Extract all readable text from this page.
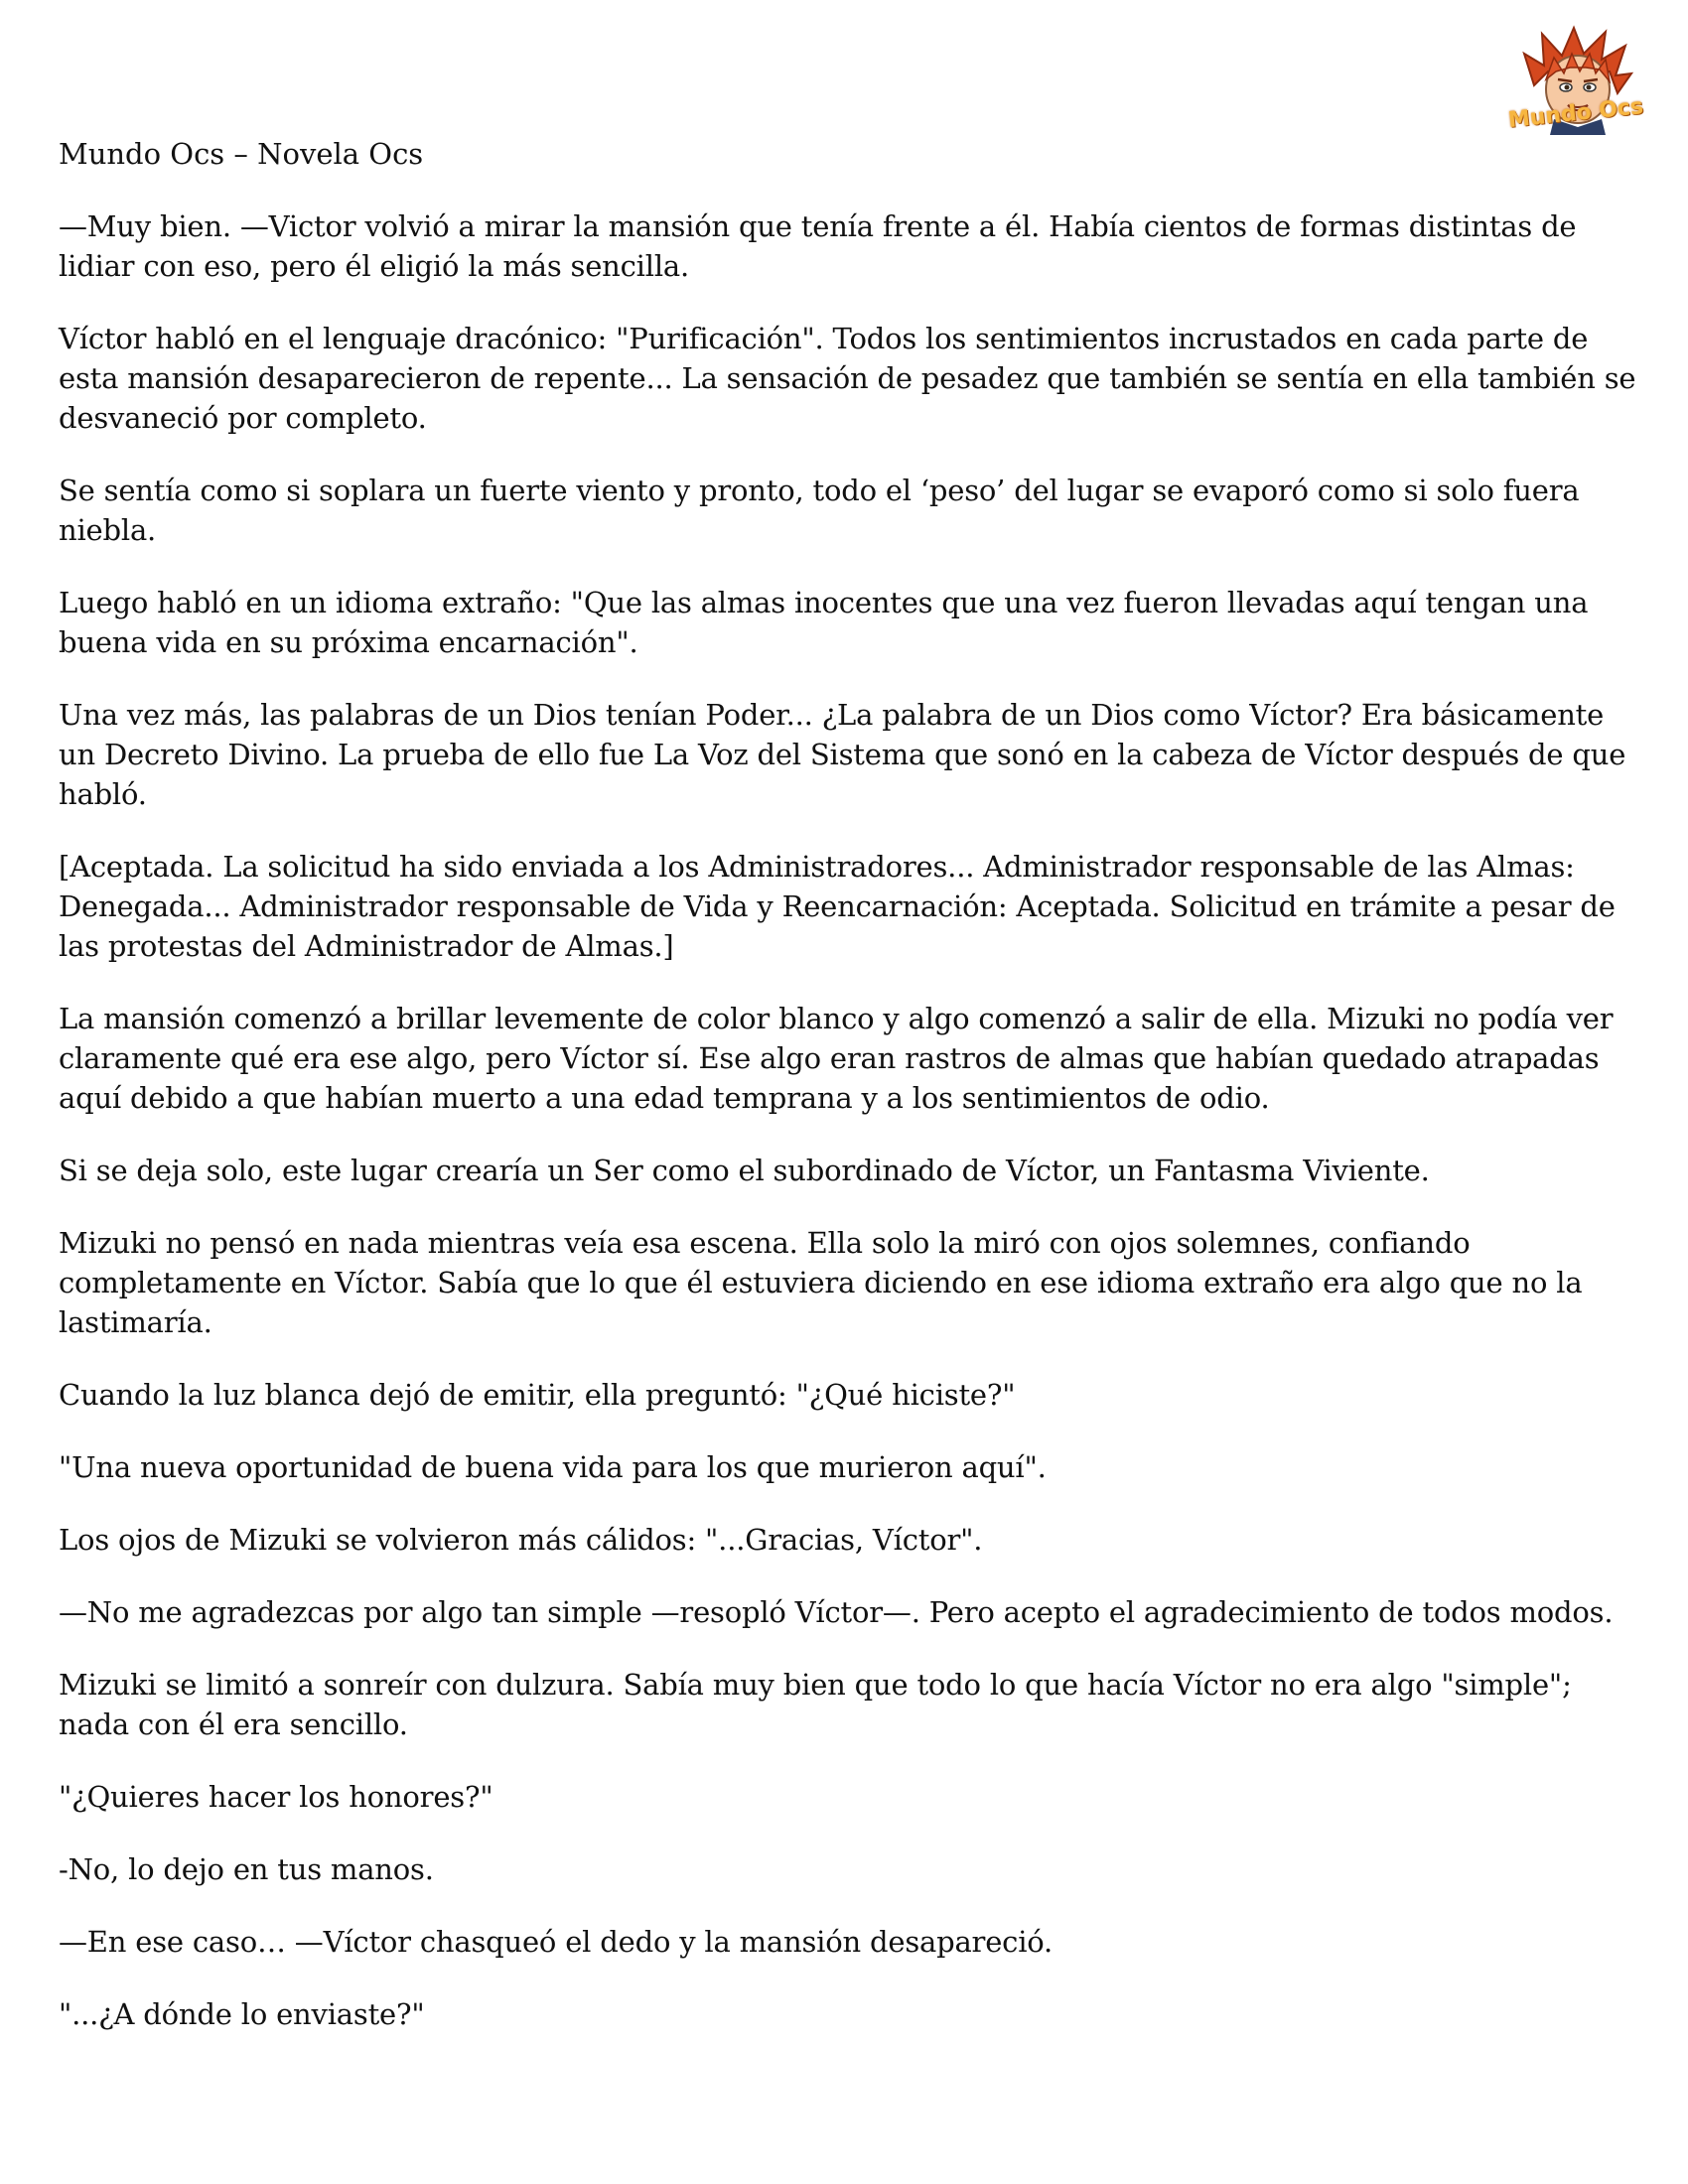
Mundo Ocs
Mundo Ocs – Novela Ocs

—Muy bien. —Victor volvió a mirar la mansión que tenía frente a él. Había cientos de formas distintas de lidiar con eso, pero él eligió la más sencilla.

Víctor habló en el lenguaje dracónico: "Purificación". Todos los sentimientos incrustados en cada parte de esta mansión desaparecieron de repente... La sensación de pesadez que también se sentía en ella también se desvaneció por completo.

Se sentía como si soplara un fuerte viento y pronto, todo el ‘peso’ del lugar se evaporó como si solo fuera niebla.

Luego habló en un idioma extraño: "Que las almas inocentes que una vez fueron llevadas aquí tengan una buena vida en su próxima encarnación".

Una vez más, las palabras de un Dios tenían Poder... ¿La palabra de un Dios como Víctor? Era básicamente un Decreto Divino. La prueba de ello fue La Voz del Sistema que sonó en la cabeza de Víctor después de que habló.

[Aceptada. La solicitud ha sido enviada a los Administradores... Administrador responsable de las Almas: Denegada... Administrador responsable de Vida y Reencarnación: Aceptada. Solicitud en trámite a pesar de las protestas del Administrador de Almas.]

La mansión comenzó a brillar levemente de color blanco y algo comenzó a salir de ella. Mizuki no podía ver claramente qué era ese algo, pero Víctor sí. Ese algo eran rastros de almas que habían quedado atrapadas aquí debido a que habían muerto a una edad temprana y a los sentimientos de odio.

Si se deja solo, este lugar crearía un Ser como el subordinado de Víctor, un Fantasma Viviente.

Mizuki no pensó en nada mientras veía esa escena. Ella solo la miró con ojos solemnes, confiando completamente en Víctor. Sabía que lo que él estuviera diciendo en ese idioma extraño era algo que no la lastimaría.

Cuando la luz blanca dejó de emitir, ella preguntó: "¿Qué hiciste?"

"Una nueva oportunidad de buena vida para los que murieron aquí".

Los ojos de Mizuki se volvieron más cálidos: "...Gracias, Víctor".

—No me agradezcas por algo tan simple —resopló Víctor—. Pero acepto el agradecimiento de todos modos.

Mizuki se limitó a sonreír con dulzura. Sabía muy bien que todo lo que hacía Víctor no era algo "simple"; nada con él era sencillo.

"¿Quieres hacer los honores?"

-No, lo dejo en tus manos.

—En ese caso… —Víctor chasqueó el dedo y la mansión desapareció.

"...¿A dónde lo enviaste?"
